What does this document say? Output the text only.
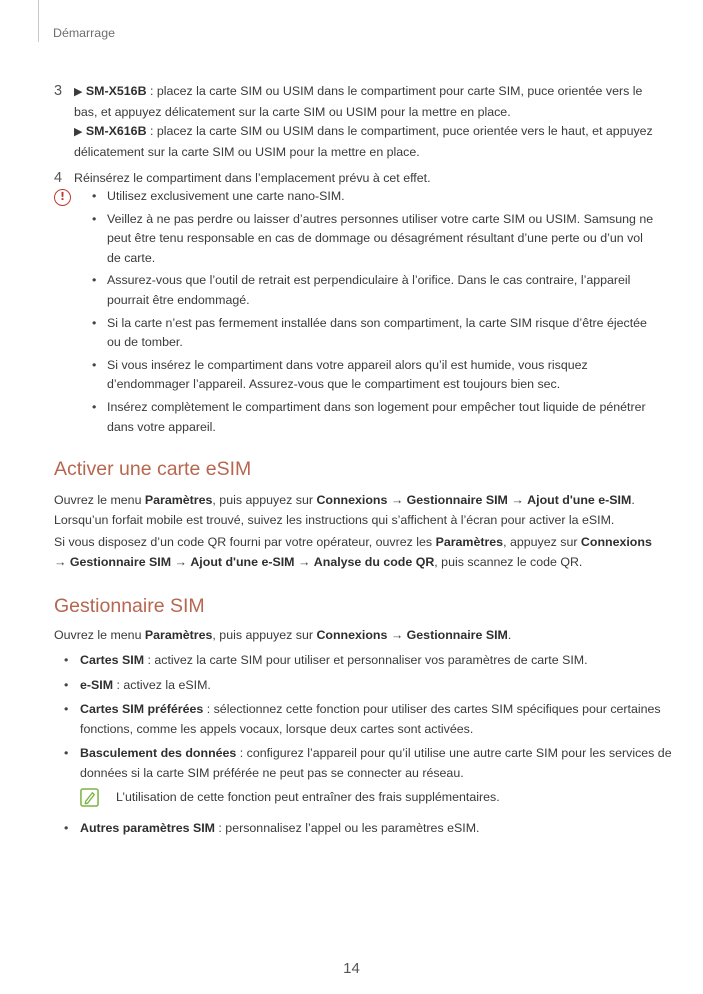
Démarrage
3 ▶ SM-X516B : placez la carte SIM ou USIM dans le compartiment pour carte SIM, puce orientée vers le bas, et appuyez délicatement sur la carte SIM ou USIM pour la mettre en place.

▶ SM-X616B : placez la carte SIM ou USIM dans le compartiment, puce orientée vers le haut, et appuyez délicatement sur la carte SIM ou USIM pour la mettre en place.

4 Réinsérez le compartiment dans l’emplacement prévu à cet effet.

!
•	Utilisez exclusivement une carte nano-SIM.
• Veillez à ne pas perdre ou laisser d’autres personnes utiliser votre carte SIM ou USIM. Samsung ne peut être tenu responsable en cas de dommage ou désagrément résultant d’une perte ou d’un vol de carte.
• Assurez-vous que l’outil de retrait est perpendiculaire à l’orifice. Dans le cas contraire, l’appareil pourrait être endommagé.
• Si la carte n’est pas fermement installée dans son compartiment, la carte SIM risque d’être éjectée ou de tomber.
• Si vous insérez le compartiment dans votre appareil alors qu’il est humide, vous risquez d’endommager l’appareil. Assurez-vous que le compartiment est toujours bien sec.
• Insérez complètement le compartiment dans son logement pour empêcher tout liquide de pénétrer dans votre appareil.
Activer une carte eSIM

Ouvrez le menu Paramètres, puis appuyez sur Connexions → Gestionnaire SIM → Ajout d'une e-SIM. Lorsqu’un forfait mobile est trouvé, suivez les instructions qui s’affichent à l’écran pour activer la eSIM.

Si vous disposez d’un code QR fourni par votre opérateur, ouvrez les Paramètres, appuyez sur Connexions → Gestionnaire SIM → Ajout d'une e-SIM → Analyse du code QR, puis scannez le code QR.

Gestionnaire SIM

Ouvrez le menu Paramètres, puis appuyez sur Connexions → Gestionnaire SIM.

• Cartes SIM : activez la carte SIM pour utiliser et personnaliser vos paramètres de carte SIM.
• e-SIM : activez la eSIM.
• Cartes SIM préférées : sélectionnez cette fonction pour utiliser des cartes SIM spécifiques pour certaines fonctions, comme les appels vocaux, lorsque deux cartes sont activées.
• Basculement des données : configurez l’appareil pour qu’il utilise une autre carte SIM pour les services de données si la carte SIM préférée ne peut pas se connecter au réseau.
L’utilisation de cette fonction peut entraîner des frais supplémentaires.
• Autres paramètres SIM : personnalisez l’appel ou les paramètres eSIM.
14
